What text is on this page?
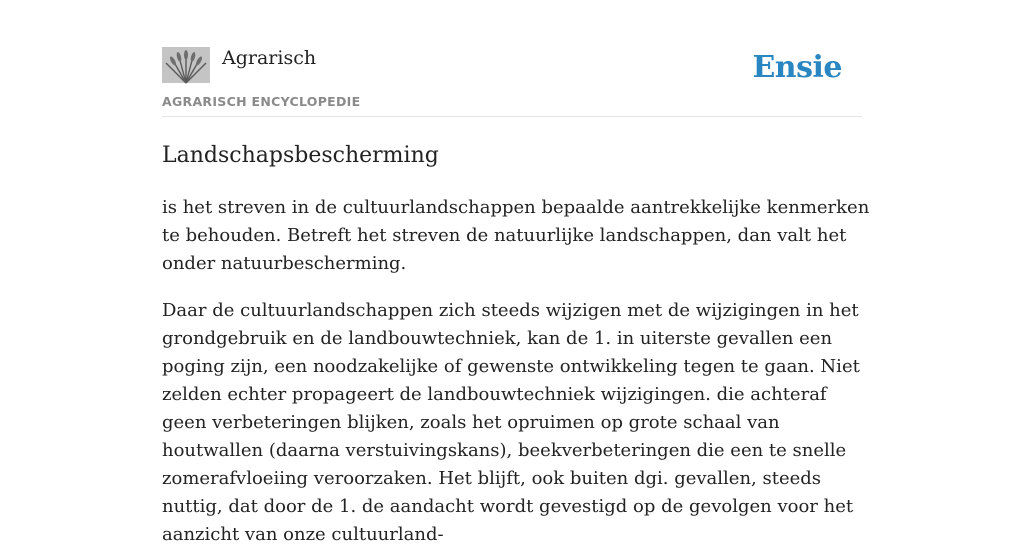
Agrarisch
AGRARISCH ENCYCLOPEDIE
Ensie
Landschapsbescherming

is het streven in de cultuurlandschappen bepaalde aantrekkelijke kenmerken te behouden. Betreft het streven de natuurlijke landschappen, dan valt het onder natuurbescherming.

Daar de cultuurlandschappen zich steeds wijzigen met de wijzigingen in het grondgebruik en de landbouwtechniek, kan de 1. in uiterste gevallen een poging zijn, een noodzakelijke of gewenste ontwikkeling tegen te gaan. Niet zelden echter propageert de landbouwtechniek wijzigingen. die achteraf geen verbeteringen blijken, zoals het opruimen op grote schaal van houtwallen (daarna verstuivingskans), beekverbeteringen die een te snelle zomerafvloeiing veroorzaken. Het blijft, ook buiten dgi. gevallen, steeds nuttig, dat door de 1. de aandacht wordt gevestigd op de gevolgen voor het aanzicht van onze cultuurland-
